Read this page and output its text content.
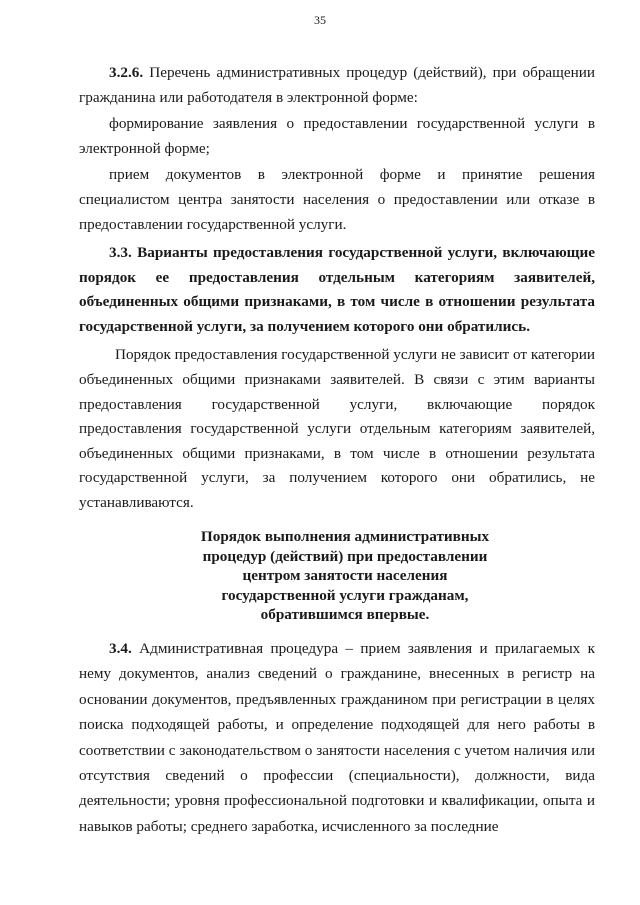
35

3.2.6. Перечень административных процедур (действий), при обращении гражданина или работодателя в электронной форме:

формирование заявления о предоставлении государственной услуги в электронной форме;

прием документов в электронной форме и принятие решения специалистом центра занятости населения о предоставлении или отказе в предоставлении государственной услуги.

3.3. Варианты предоставления государственной услуги, включающие порядок ее предоставления отдельным категориям заявителей, объединенных общими признаками, в том числе в отношении результата государственной услуги, за получением которого они обратились.

Порядок предоставления государственной услуги не зависит от категории объединенных общими признаками заявителей. В связи с этим варианты предоставления государственной услуги, включающие порядок предоставления государственной услуги отдельным категориям заявителей, объединенных общими признаками, в том числе в отношении результата государственной услуги, за получением которого они обратились, не устанавливаются.

Порядок выполнения административных
процедур (действий) при предоставлении
центром занятости населения
государственной услуги гражданам,
обратившимся впервые.

3.4. Административная процедура – прием заявления и прилагаемых к нему документов, анализ сведений о гражданине, внесенных в регистр на основании документов, предъявленных гражданином при регистрации в целях поиска подходящей работы, и определение подходящей для него работы в соответствии с законодательством о занятости населения с учетом наличия или отсутствия сведений о профессии (специальности), должности, вида деятельности; уровня профессиональной подготовки и квалификации, опыта и навыков работы; среднего заработка, исчисленного за последние
